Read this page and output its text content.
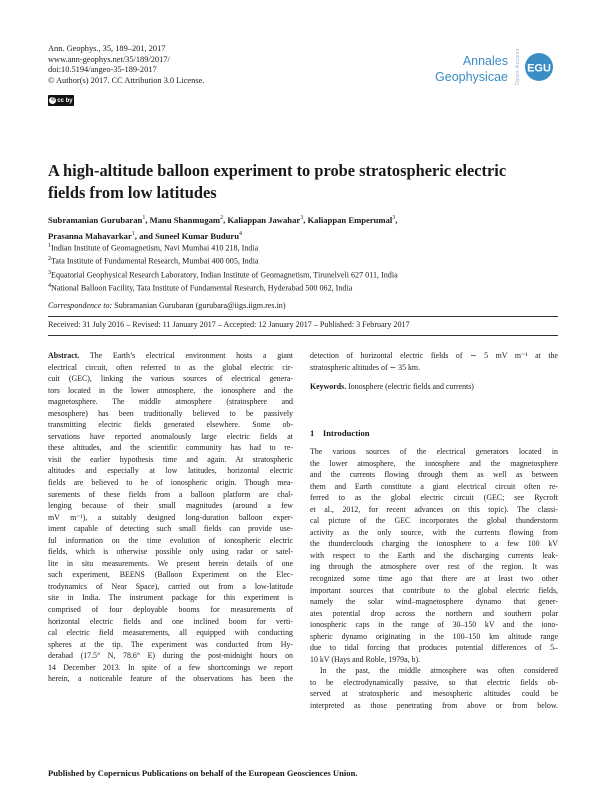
Ann. Geophys., 35, 189–201, 2017
www.ann-geophys.net/35/189/2017/
doi:10.5194/angeo-35-189-2017
© Author(s) 2017. CC Attribution 3.0 License.
© cc by
Annales
Geophysicae Open Access EGU
A high-altitude balloon experiment to probe stratospheric electric
fields from low latitudes
Subramanian Gurubaran$^1$, Manu Shanmugam$^2$, Kaliappan Jawahar$^3$, Kaliappan Emperumal$^3$,
Prasanna Mahavarkar$^1$, and Suneel Kumar Buduru$^4$
$^1$Indian Institute of Geomagnetism, Navi Mumbai 410 218, India
$^2$Tata Institute of Fundamental Research, Mumbai 400 005, India
$^3$Equatorial Geophysical Research Laboratory, Indian Institute of Geomagnetism, Tirunelveli 627 011, India
$^4$National Balloon Facility, Tata Institute of Fundamental Research, Hyderabad 500 062, India
Correspondence to: Subramanian Gurubaran (gurubara@iigs.iigm.res.in)
Received: 31 July 2016 – Revised: 11 January 2017 – Accepted: 12 January 2017 – Published: 3 February 2017
Abstract. The Earth’s electrical environment hosts a giant
electrical circuit, often referred to as the global electric cir-
cuit (GEC), linking the various sources of electrical genera-
tors located in the lower atmosphere, the ionosphere and the
magnetosphere. The middle atmosphere (stratosphere and
mesosphere) has been traditionally believed to be passively
transmitting electric fields generated elsewhere. Some ob-
servations have reported anomalously large electric fields at
these altitudes, and the scientific community has had to re-
visit the earlier hypothesis time and again. At stratospheric
altitudes and especially at low latitudes, horizontal electric
fields are believed to be of ionospheric origin. Though mea-
surements of these fields from a balloon platform are chal-
lenging because of their small magnitudes (around a few
mV m⁻¹), a suitably designed long-duration balloon exper-
iment capable of detecting such small fields can provide use-
ful information on the time evolution of ionospheric electric
fields, which is otherwise possible only using radar or satel-
lite in situ measurements. We present herein details of one
such experiment, BEENS (Balloon Experiment on the Elec-
trodynamics of Near Space), carried out from a low-latitude
site in India. The instrument package for this experiment is
comprised of four deployable booms for measurements of
horizontal electric fields and one inclined boom for verti-
cal electric field measurements, all equipped with conducting
spheres at the tip. The experiment was conducted from Hy-
derabad (17.5° N, 78.6° E) during the post-midnight hours on
14 December 2013. In spite of a few shortcomings we report
herein, a noticeable feature of the observations has been the
detection of horizontal electric fields of ∼ 5 mV m⁻¹ at the
stratospheric altitudes of ∼ 35 km.
Keywords. Ionosphere (electric fields and currents)
1 Introduction
The various sources of the electrical generators located in
the lower atmosphere, the ionosphere and the magnetosphere
and the currents flowing through them as well as between
them and Earth constitute a giant electrical circuit often re-
ferred to as the global electric circuit (GEC; see Rycroft
et al., 2012, for recent advances on this topic). The classi-
cal picture of the GEC incorporates the global thunderstorm
activity as the only source, with the currents flowing from
the thunderclouds charging the ionosphere to a few 100 kV
with respect to the Earth and the discharging currents leak-
ing through the atmosphere over rest of the region. It was
recognized some time ago that there are at least two other
important sources that contribute to the global electric fields,
namely the solar wind–magnetosphere dynamo that gener-
ates potential drop across the northern and southern polar
ionospheric caps in the range of 30–150 kV and the iono-
spheric dynamo originating in the 100–150 km altitude range
due to tidal forcing that produces potential differences of 5–
10 kV (Hays and Roble, 1979a, b).
In the past, the middle atmosphere was often considered
to be electrodynamically passive, so that electric fields ob-
served at stratospheric and mesospheric altitudes could be
interpreted as those penetrating from above or from below.
Published by Copernicus Publications on behalf of the European Geosciences Union.
